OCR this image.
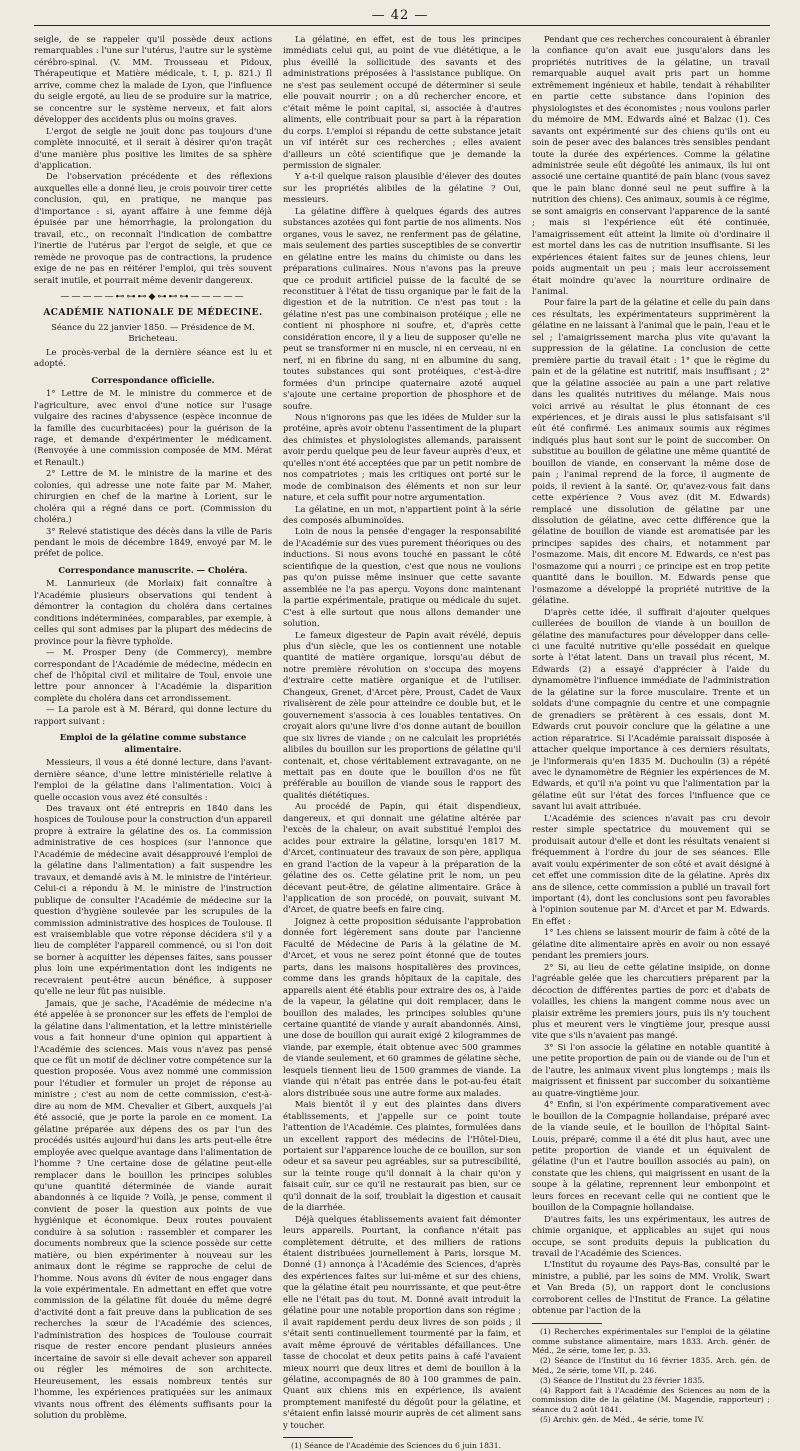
— 42 —

seigle, de se rappeler qu'il possède deux actions remarquables : l'une sur l'utérus, l'autre sur le système cérébro-spinal. (V. MM. Trousseau et Pidoux, Thérapeutique et Matière médicale, t. I, p. 821.) Il arrive, comme chez la malade de Lyon, que l'influence du seigle ergoté, au lieu de se produire sur la matrice, se concentre sur le système nerveux, et fait alors développer des accidents plus ou moins graves.

L'ergot de seigle ne jouit donc pas toujours d'une complète innocuité, et il serait à désirer qu'on traçât d'une manière plus positive les limites de sa sphère d'application.

De l'observation précédente et des réflexions auxquelles elle a donné lieu, je crois pouvoir tirer cette conclusion, qui, en pratique, ne manque pas d'importance : si, ayant affaire à une femme déjà épuisée par une hémorrhagie, la prolongation du travail, etc., on reconnaît l'indication de combattre l'inertie de l'utérus par l'ergot de seigle, et que ce remède ne provoque pas de contractions, la prudence exige de ne pas en réitérer l'emploi, qui très souvent serait inutile, et pourrait même devenir dangereux.

—————⊷⊶⊷◆⊶⊷⊶—————
ACADÉMIE NATIONALE DE MÉDECINE.
Séance du 22 janvier 1850. — Présidence de M. Bricheteau.

Le procès-verbal de la dernière séance est lu et adopté.

Correspondance officielle.

1° Lettre de M. le ministre du commerce et de l'agriculture, avec envoi d'une notice sur l'usage vulgaire des racines d'abyssence (espèce inconnue de la famille des cucurbitacées) pour la guérison de la rage, et demande d'expérimenter le médicament. (Renvoyée à une commission composée de MM. Mérat et Renault.)

2° Lettre de M. le ministre de la marine et des colonies, qui adresse une note faite par M. Maher, chirurgien en chef de la marine à Lorient, sur le choléra qui a régné dans ce port. (Commission du choléra.)

3° Relevé statistique des décès dans la ville de Paris pendant le mois de décembre 1849, envoyé par M. le préfet de police.

Correspondance manuscrite. — Choléra.

M. Lannurieux (de Morlaix) fait connaître à l'Académie plusieurs observations qui tendent à démontrer la contagion du choléra dans certaines conditions indéterminées, comparables, par exemple, à celles qui sont admises par la plupart des médecins de province pour la fièvre typhoïde.

— M. Prosper Deny (de Commercy), membre correspondant de l'Académie de médecine, médecin en chef de l'hôpital civil et militaire de Toul, envoie une lettre pour annoncer à l'Académie la disparition complète du choléra dans cet arrondissement.

— La parole est à M. Bérard, qui donne lecture du rapport suivant :

Emploi de la gélatine comme substance alimentaire.

Messieurs, il vous a été donné lecture, dans l'avant-dernière séance, d'une lettre ministérielle relative à l'emploi de la gélatine dans l'alimentation. Voici à quelle occasion vous avez été consultés :

Des travaux ont été entrepris en 1840 dans les hospices de Toulouse pour la construction d'un appareil propre à extraire la gélatine des os. La commission administrative de ces hospices (sur l'annonce que l'Académie de médecine avait désapprouvé l'emploi de la gélatine dans l'alimentation) a fait suspendre les travaux, et demandé avis à M. le ministre de l'intérieur. Celui-ci a répondu à M. le ministre de l'instruction publique de consulter l'Académie de médecine sur la question d'hygiène soulevée par les scrupules de la commission administrative des hospices de Toulouse. Il est vraisemblable que votre réponse décidera s'il y a lieu de compléter l'appareil commencé, ou si l'on doit se borner à acquitter les dépenses faites, sans pousser plus loin une expérimentation dont les indigents ne recevraient peut-être aucun bénéfice, à supposer qu'elle ne leur fût pas nuisible.

Jamais, que je sache, l'Académie de médecine n'a été appelée à se prononcer sur les effets de l'emploi de la gélatine dans l'alimentation, et la lettre ministérielle vous a fait honneur d'une opinion qui appartient à l'Académie des sciences. Mais vous n'avez pas pensé que ce fût un motif de décliner votre compétence sur la question proposée. Vous avez nommé une commission pour l'étudier et formuler un projet de réponse au ministre ; c'est au nom de cette commission, c'est-à-dire au nom de MM. Chevalier et Gibert, auxquels j'ai été associé, que je porte la parole en ce moment. La gélatine préparée aux dépens des os par l'un des procédés usités aujourd'hui dans les arts peut-elle être employée avec quelque avantage dans l'alimentation de l'homme ? Une certaine dose de gélatine peut-elle remplacer dans le bouillon les principes solubles qu'une quantité déterminée de viande aurait abandonnés à ce liquide ? Voilà, je pense, comment il convient de poser la question aux points de vue hygiénique et économique. Deux routes pouvaient conduire à sa solution : rassembler et comparer les documents nombreux que la science possède sur cette matière, ou bien expérimenter à nouveau sur les animaux dont le régime se rapproche de celui de l'homme. Nous avons dû éviter de nous engager dans la voie expérimentale. En admettant en effet que votre commission de la gélatine fût douée du même degré d'activité dont a fait preuve dans la publication de ses recherches la sœur de l'Académie des sciences, l'administration des hospices de Toulouse courrait risque de rester encore pendant plusieurs années incertaine de savoir si elle devait achever son appareil ou régler les mémoires de son architecte. Heureusement, les essais nombreux tentés sur l'homme, les expériences pratiquées sur les animaux vivants nous offrent des éléments suffisants pour la solution du problème.

La gélatine, en effet, est de tous les principes immédiats celui qui, au point de vue diététique, a le plus éveillé la sollicitude des savants et des administrations préposées à l'assistance publique. On ne s'est pas seulement occupé de déterminer si seule elle pouvait nourrir ; on a dû rechercher encore, et c'était même le point capital, si, associée à d'autres aliments, elle contribuait pour sa part à la réparation du corps. L'emploi si répandu de cette substance jetait un vif intérêt sur ces recherches ; elles avaient d'ailleurs un côté scientifique que je demande la permission de signaler.

Y a-t-il quelque raison plausible d'élever des doutes sur les propriétés alibiles de la gélatine ? Oui, messieurs.

La gélatine diffère à quelques égards des autres substances azotées qui font partie de nos aliments. Nos organes, vous le savez, ne renferment pas de gélatine, mais seulement des parties susceptibles de se convertir en gélatine entre les mains du chimiste ou dans les préparations culinaires. Nous n'avons pas la preuve que ce produit artificiel puisse de la faculté de se reconstituer à l'état de tissu organique par le fait de la digestion et de la nutrition. Ce n'est pas tout : la gélatine n'est pas une combinaison protéique ; elle ne contient ni phosphore ni soufre, et, d'après cette considération encore, il y a lieu de supposer qu'elle ne peut se transformer ni en muscle, ni en cerveau, ni en nerf, ni en fibrine du sang, ni en albumine du sang, toutes substances qui sont protéiques, c'est-à-dire formées d'un principe quaternaire azoté auquel s'ajoute une certaine proportion de phosphore et de soufre.

Nous n'ignorons pas que les idées de Mulder sur la protéine, après avoir obtenu l'assentiment de la plupart des chimistes et physiologistes allemands, paraissent avoir perdu quelque peu de leur faveur auprès d'eux, et qu'elles n'ont été acceptées que par un petit nombre de nos compatriotes ; mais les critiques ont porté sur le mode de combinaison des éléments et non sur leur nature, et cela suffit pour notre argumentation.

La gélatine, en un mot, n'appartient point à la série des composés albuminoïdes.

Loin de nous la pensée d'engager la responsabilité de l'Académie sur des vues purement théoriques ou des inductions. Si nous avons touché en passant le côté scientifique de la question, c'est que nous ne voulions pas qu'on puisse même insinuer que cette savante assemblée ne l'a pas aperçu. Voyons donc maintenant la partie expérimentale, pratique ou médicale du sujet. C'est à elle surtout que nous allons demander une solution.

Le fameux digesteur de Papin avait révélé, depuis plus d'un siècle, que les os contiennent une notable quantité de matière organique, lorsqu'au début de notre première révolution on s'occupa des moyens d'extraire cette matière organique et de l'utiliser. Changeux, Grenet, d'Arcet père, Proust, Cadet de Vaux rivalisèrent de zèle pour atteindre ce double but, et le gouvernement s'associa à ces louables tentatives. On croyait alors qu'une livre d'os donne autant de bouillon que six livres de viande ; on ne calculait les propriétés alibiles du bouillon sur les proportions de gélatine qu'il contenait, et, chose véritablement extravagante, on ne mettait pas en doute que le bouillon d'os ne fût préférable au bouillon de viande sous le rapport des qualités diététiques.

Au procédé de Papin, qui était dispendieux, dangereux, et qui donnait une gélatine altérée par l'excès de la chaleur, on avait substitué l'emploi des acides pour extraire la gélatine, lorsqu'en 1817 M. d'Arcet, continuateur des travaux de son père, appliqua en grand l'action de la vapeur à la préparation de la gélatine des os. Cette gélatine prit le nom, un peu décevant peut-être, de gélatine alimentaire. Grâce à l'application de son procédé, on pouvait, suivant M. d'Arcet, de quatre beefs en faire cinq.

Joignez à cette proposition séduisante l'approbation donnée fort légèrement sans doute par l'ancienne Faculté de Médecine de Paris à la gélatine de M. d'Arcet, et vous ne serez point étonné que de toutes parts, dans les maisons hospitalières des provinces, comme dans les grands hôpitaux de la capitale, des appareils aient été établis pour extraire des os, à l'aide de la vapeur, la gélatine qui doit remplacer, dans le bouillon des malades, les principes solubles qu'une certaine quantité de viande y aurait abandonnés. Ainsi, une dose de bouillon qui aurait exigé 2 kilogrammes de viande, par exemple, était obtenue avec 500 grammes de viande seulement, et 60 grammes de gélatine sèche, lesquels tiennent lieu de 1500 grammes de viande. La viande qui n'était pas entrée dans le pot-au-feu était alors distribuée sous une autre forme aux malades.

Mais bientôt il y eut des plaintes dans divers établissements, et j'appelle sur ce point toute l'attention de l'Académie. Ces plaintes, formulées dans un excellent rapport des médecins de l'Hôtel-Dieu, portaient sur l'apparence louche de ce bouillon, sur son odeur et sa saveur peu agréables, sur sa putrescibilité, sur la teinte rouge qu'il donnait à la chair qu'on y faisait cuir, sur ce qu'il ne restaurait pas bien, sur ce qu'il donnait de la soif, troublait la digestion et causait de la diarrhée.

Déjà quelques établissements avaient fait démonter leurs appareils. Pourtant, la confiance n'était pas complètement détruite, et des milliers de rations étaient distribuées journellement à Paris, lorsque M. Donné (1) annonça à l'Académie des Sciences, d'après des expériences faites sur lui-même et sur des chiens, que la gélatine était peu nourrissante, et que peut-être elle ne l'était pas du tout. M. Donné avait introduit la gélatine pour une notable proportion dans son régime ; il avait rapidement perdu deux livres de son poids ; il s'était senti continuellement tourmenté par la faim, et avait même éprouvé de véritables défaillances. Une tasse de chocolat et deux petits pains à café l'avaient mieux nourri que deux litres et demi de bouillon à la gélatine, accompagnés de 80 à 100 grammes de pain. Quant aux chiens mis en expérience, ils avaient promptement manifesté du dégoût pour la gélatine, et s'étaient enfin laissé mourir auprès de cet aliment sans y toucher.

(1) Séance de l'Académie des Sciences du 6 juin 1831.

Pendant que ces recherches concouraient à ébranler la confiance qu'on avait eue jusqu'alors dans les propriétés nutritives de la gélatine, un travail remarquable auquel avait pris part un homme extrêmement ingénieux et habile, tendait à réhabiliter en partie cette substance dans l'opinion des physiologistes et des économistes ; nous voulons parler du mémoire de MM. Edwards aîné et Balzac (1). Ces savants ont expérimenté sur des chiens qu'ils ont eu soin de peser avec des balances très sensibles pendant toute la durée des expériences. Comme la gélatine administrée seule eût dégoûté les animaux, ils lui ont associé une certaine quantité de pain blanc (vous savez que le pain blanc donné seul ne peut suffire à la nutrition des chiens). Ces animaux, soumis à ce régime, se sont amaigris en conservant l'apparence de la santé ; mais si l'expérience eût été continuée, l'amaigrissement eût atteint la limite où d'ordinaire il est mortel dans les cas de nutrition insuffisante. Si les expériences étaient faites sur de jeunes chiens, leur poids augmentait un peu ; mais leur accroissement était moindre qu'avec la nourriture ordinaire de l'animal.

Pour faire la part de la gélatine et celle du pain dans ces résultats, les expérimentateurs supprimèrent la gélatine en ne laissant à l'animal que le pain, l'eau et le sel ; l'amaigrissement marcha plus vite qu'avant la suppression de la gélatine. La conclusion de cette première partie du travail était : 1° que le régime du pain et de la gélatine est nutritif, mais insuffisant ; 2° que la gélatine associée au pain a une part relative dans les qualités nutritives du mélange. Mais nous voici arrivé au résultat le plus étonnant de ces expériences, et je dirais aussi le plus satisfaisant s'il eût été confirmé. Les animaux soumis aux régimes indiqués plus haut sont sur le point de succomber. On substitue au bouillon de gélatine une même quantité de bouillon de viande, en conservant la même dose de pain ; l'animal reprend de la force, il augmente de poids, il revient à la santé. Or, qu'avez-vous fait dans cette expérience ? Vous avez (dit M. Edwards) remplacé une dissolution de gélatine par une dissolution de gélatine, avec cette différence que la gélatine de bouillon de viande est aromatisée par les principes sapides des chairs, et notamment par l'osmazome. Mais, dit encore M. Edwards, ce n'est pas l'osmazome qui a nourri ; ce principe est en trop petite quantité dans le bouillon. M. Edwards pense que l'osmazome a développé la propriété nutritive de la gélatine.

D'après cette idée, il suffirait d'ajouter quelques cuillerées de bouillon de viande à un bouillon de gélatine des manufactures pour développer dans celle-ci une faculté nutritive qu'elle possédait en quelque sorte à l'état latent. Dans un travail plus récent, M. Edwards (2) a essayé d'apprécier à l'aide du dynamomètre l'influence immédiate de l'administration de la gélatine sur la force musculaire. Trente et un soldats d'une compagnie du centre et une compagnie de grenadiers se prêtèrent à ces essais, dont M. Edwards crut pouvoir conclure que la gélatine a une action réparatrice. Si l'Académie paraissait disposée à attacher quelque importance à ces derniers résultats, je l'informerais qu'en 1835 M. Duchoulin (3) a répété avec le dynamomètre de Régnier les expériences de M. Edwards, et qu'il n'a point vu que l'alimentation par la gélatine eût sur l'état des forces l'influence que ce savant lui avait attribuée.

L'Académie des sciences n'avait pas cru devoir rester simple spectatrice du mouvement qui se produisait autour d'elle et dont les résultats venaient si fréquemment à l'ordre du jour de ses séances. Elle avait voulu expérimenter de son côté et avait désigné à cet effet une commission dite de la gélatine. Après dix ans de silence, cette commission a publié un travail fort important (4), dont les conclusions sont peu favorables à l'opinion soutenue par M. d'Arcet et par M. Edwards. En effet :

1° Les chiens se laissent mourir de faim à côté de la gélatine dite alimentaire après en avoir ou non essayé pendant les premiers jours.

2° Si, au lieu de cette gélatine insipide, on donne l'agréable gelée que les charcutiers préparent par la décoction de différentes parties de porc et d'abats de volailles, les chiens la mangent comme nous avec un plaisir extrême les premiers jours, puis ils n'y touchent plus et meurent vers le vingtième jour, presque aussi vite que s'ils n'avaient pas mangé.

3° Si l'on associe la gélatine en notable quantité à une petite proportion de pain ou de viande ou de l'un et de l'autre, les animaux vivent plus longtemps ; mais ils maigrissent et finissent par succomber du soixantième au quatre-vingtième jour.

4° Enfin, si l'on expérimente comparativement avec le bouillon de la Compagnie hollandaise, préparé avec de la viande seule, et le bouillon de l'hôpital Saint-Louis, préparé, comme il a été dit plus haut, avec une petite proportion de viande et un équivalent de gélatine (l'un et l'autre bouillon associés au pain), on constate que les chiens, qui maigrissent en usant de la soupe à la gélatine, reprennent leur embonpoint et leurs forces en recevant celle qui ne contient que le bouillon de la Compagnie hollandaise.

D'autres faits, les uns expérimentaux, les autres de chimie organique, et applicables au sujet qui nous occupe, se sont produits depuis la publication du travail de l'Académie des Sciences.

L'Institut du royaume des Pays-Bas, consulté par le ministre, a publié, par les soins de MM. Vrolik, Swart et Van Breda (5), un rapport dont le conclusions corroborent celles de l'Institut de France. La gélatine obtenue par l'action de la

(1) Recherches expérimentales sur l'emploi de la gélatine comme substance alimentaire, mars 1833. Arch. génér. de Méd., 2e série, tome Ier, p. 33.

(2) Séance de l'Institut du 16 février 1835. Arch. gén. de Méd., 2e série, tome VII, p. 246.

(3) Séance de l'Institut du 23 février 1835.

(4) Rapport fait à l'Académie des Sciences au nom de la commission dite de la gélatine (M. Magendie, rapporteur) ; séance du 2 août 1841.

(5) Archiv. gén. de Méd., 4e série, tome IV.
